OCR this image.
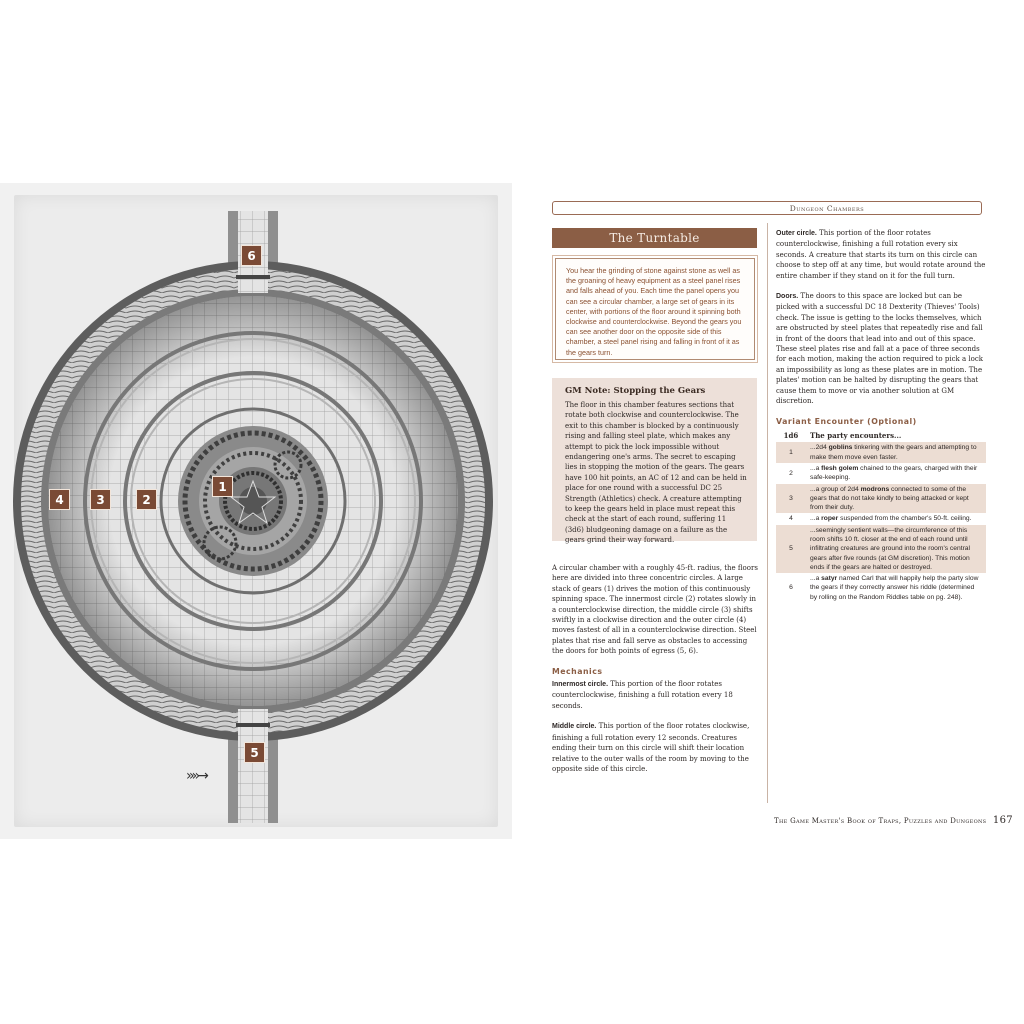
6
1
2
3
4
5
»»→
Dungeon Chambers
The Turntable
You hear the grinding of stone against stone as well as the groaning of heavy equipment as a steel panel rises and falls ahead of you. Each time the panel opens you can see a circular chamber, a large set of gears in its center, with portions of the floor around it spinning both clockwise and counterclockwise. Beyond the gears you can see another door on the opposite side of this chamber, a steel panel rising and falling in front of it as the gears turn.
GM Note: Stopping the Gears
The floor in this chamber features sections that rotate both clockwise and counterclockwise. The exit to this chamber is blocked by a continuously rising and falling steel plate, which makes any attempt to pick the lock impossible without endangering one's arms. The secret to escaping lies in stopping the motion of the gears. The gears have 100 hit points, an AC of 12 and can be held in place for one round with a successful DC 25 Strength (Athletics) check. A creature attempting to keep the gears held in place must repeat this check at the start of each round, suffering 11 (3d6) bludgeoning damage on a failure as the gears grind their way forward.

A circular chamber with a roughly 45-ft. radius, the floors here are divided into three concentric circles. A large stack of gears (1) drives the motion of this continuously spinning space. The innermost circle (2) rotates slowly in a counterclockwise direction, the middle circle (3) shifts swiftly in a clockwise direction and the outer circle (4) moves fastest of all in a counterclockwise direction. Steel plates that rise and fall serve as obstacles to accessing the doors for both points of egress (5, 6).

Mechanics

Innermost circle. This portion of the floor rotates counterclockwise, finishing a full rotation every 18 seconds.

Middle circle. This portion of the floor rotates clockwise, finishing a full rotation every 12 seconds. Creatures ending their turn on this circle will shift their location relative to the outer walls of the room by moving to the opposite side of this circle.

Outer circle. This portion of the floor rotates counterclockwise, finishing a full rotation every six seconds. A creature that starts its turn on this circle can choose to step off at any time, but would rotate around the entire chamber if they stand on it for the full turn.

Doors. The doors to this space are locked but can be picked with a successful DC 18 Dexterity (Thieves' Tools) check. The issue is getting to the locks themselves, which are obstructed by steel plates that repeatedly rise and fall in front of the doors that lead into and out of this space. These steel plates rise and fall at a pace of three seconds for each motion, making the action required to pick a lock an impossibility as long as these plates are in motion. The plates' motion can be halted by disrupting the gears that cause them to move or via another solution at GM discretion.

Variant Encounter (Optional)
1d6	The party encounters...
1	...2d4 goblins tinkering with the gears and attempting to make them move even faster.
2	...a flesh golem chained to the gears, charged with their safe-keeping.
3	...a group of 2d4 modrons connected to some of the gears that do not take kindly to being attacked or kept from their duty.
4	...a roper suspended from the chamber's 50-ft. ceiling.
5	...seemingly sentient walls—the circumference of this room shifts 10 ft. closer at the end of each round until infiltrating creatures are ground into the room's central gears after five rounds (at GM discretion). This motion ends if the gears are halted or destroyed.
6	...a satyr named Carl that will happily help the party slow the gears if they correctly answer his riddle (determined by rolling on the Random Riddles table on pg. 248).
The Game Master's Book of Traps, Puzzles and Dungeons 167
